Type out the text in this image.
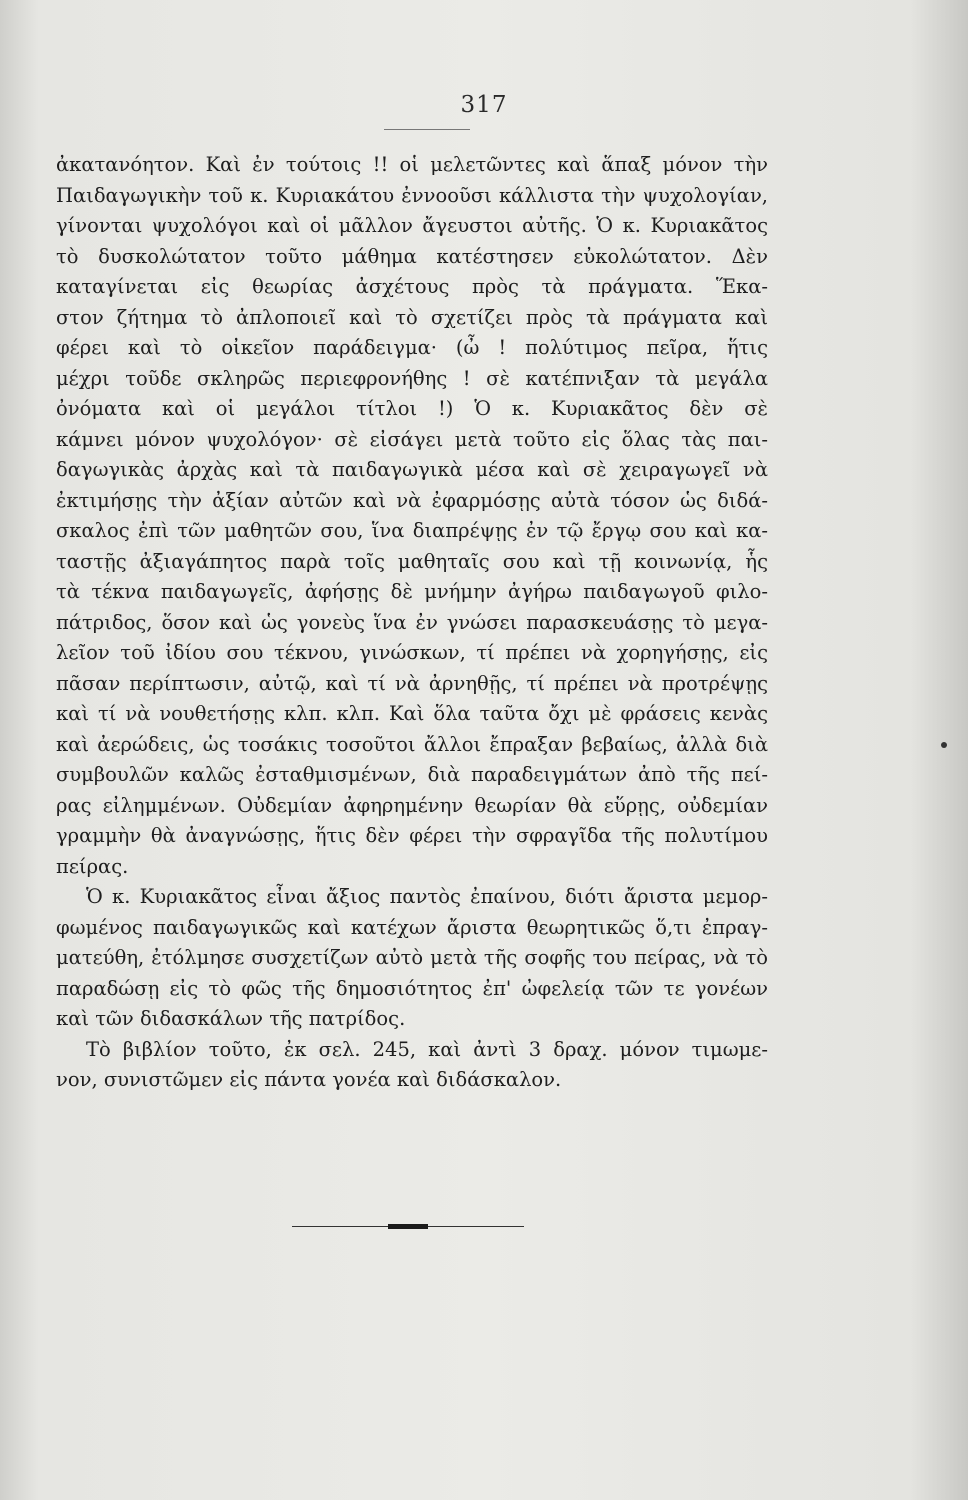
317
ἀκατανόητον. Καὶ ἐν τούτοις !! οἱ μελετῶντες καὶ ἅπαξ μόνον τὴν
Παιδαγωγικὴν τοῦ κ. Κυριακάτου ἐννοοῦσι κάλλιστα τὴν ψυχολογίαν,
γίνονται ψυχολόγοι καὶ οἱ μᾶλλον ἄγευστοι αὐτῆς. Ὁ κ. Κυριακᾶτος
τὸ δυσκολώτατον τοῦτο μάθημα κατέστησεν εὐκολώτατον. Δὲν
καταγίνεται εἰς θεωρίας ἀσχέτους πρὸς τὰ πράγματα. Ἕκα-
στον ζήτημα τὸ ἀπλοποιεῖ καὶ τὸ σχετίζει πρὸς τὰ πράγματα καὶ
φέρει καὶ τὸ οἰκεῖον παράδειγμα· (ὦ ! πολύτιμος πεῖρα, ἥτις
μέχρι τοῦδε σκληρῶς περιεφρονήθης ! σὲ κατέπνιξαν τὰ μεγάλα
ὀνόματα καὶ οἱ μεγάλοι τίτλοι !) Ὁ κ. Κυριακᾶτος δὲν σὲ
κάμνει μόνον ψυχολόγον· σὲ εἰσάγει μετὰ τοῦτο εἰς ὅλας τὰς παι-
δαγωγικὰς ἀρχὰς καὶ τὰ παιδαγωγικὰ μέσα καὶ σὲ χειραγωγεῖ νὰ
ἐκτιμήσῃς τὴν ἀξίαν αὐτῶν καὶ νὰ ἐφαρμόσῃς αὐτὰ τόσον ὡς διδά-
σκαλος ἐπὶ τῶν μαθητῶν σου, ἵνα διαπρέψῃς ἐν τῷ ἔργῳ σου καὶ κα-
ταστῇς ἀξιαγάπητος παρὰ τοῖς μαθηταῖς σου καὶ τῇ κοινωνίᾳ, ἧς
τὰ τέκνα παιδαγωγεῖς, ἀφήσῃς δὲ μνήμην ἀγήρω παιδαγωγοῦ φιλο-
πάτριδος, ὅσον καὶ ὡς γονεὺς ἵνα ἐν γνώσει παρασκευάσῃς τὸ μεγα-
λεῖον τοῦ ἰδίου σου τέκνου, γινώσκων, τί πρέπει νὰ χορηγήσῃς, εἰς
πᾶσαν περίπτωσιν, αὐτῷ, καὶ τί νὰ ἀρνηθῇς, τί πρέπει νὰ προτρέψῃς
καὶ τί νὰ νουθετήσῃς κλπ. κλπ. Καὶ ὅλα ταῦτα ὄχι μὲ φράσεις κενὰς
καὶ ἀερώδεις, ὡς τοσάκις τοσοῦτοι ἄλλοι ἔπραξαν βεβαίως, ἀλλὰ διὰ
συμβουλῶν καλῶς ἐσταθμισμένων, διὰ παραδειγμάτων ἀπὸ τῆς πεί-
ρας εἰλημμένων. Οὐδεμίαν ἀφηρημένην θεωρίαν θὰ εὕρῃς, οὐδεμίαν
γραμμὴν θὰ ἀναγνώσῃς, ἥτις δὲν φέρει τὴν σφραγῖδα τῆς πολυτίμου
πείρας.
Ὁ κ. Κυριακᾶτος εἶναι ἄξιος παντὸς ἐπαίνου, διότι ἄριστα μεμορ-
φωμένος παιδαγωγικῶς καὶ κατέχων ἄριστα θεωρητικῶς ὅ,τι ἐπραγ-
ματεύθη, ἐτόλμησε συσχετίζων αὐτὸ μετὰ τῆς σοφῆς του πείρας, νὰ τὸ
παραδώσῃ εἰς τὸ φῶς τῆς δημοσιότητος ἐπ' ὠφελείᾳ τῶν τε γονέων
καὶ τῶν διδασκάλων τῆς πατρίδος.
Τὸ βιβλίον τοῦτο, ἐκ σελ. 245, καὶ ἀντὶ 3 δραχ. μόνον τιμωμε-
νον, συνιστῶμεν εἰς πάντα γονέα καὶ διδάσκαλον.
